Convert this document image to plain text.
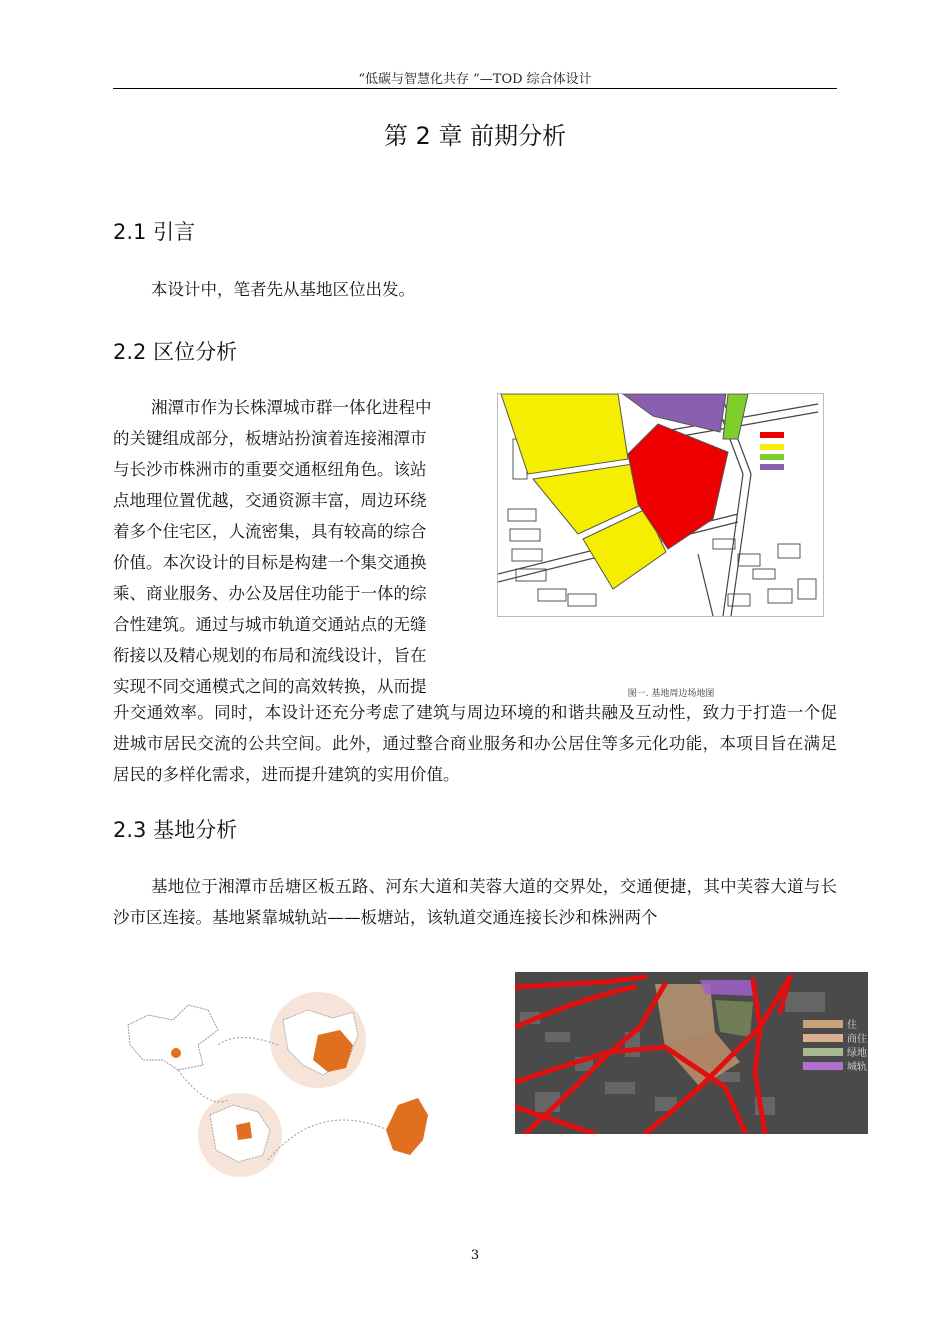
“低碳与智慧化共存 ”—TOD 综合体设计
第 2 章 前期分析
2.1 引言

本设计中，笔者先从基地区位出发。

2.2 区位分析
湘潭市作为长株潭城市群一体化进程中
的关键组成部分，板塘站扮演着连接湘潭市
与长沙市株洲市的重要交通枢纽角色。该站
点地理位置优越，交通资源丰富，周边环绕
着多个住宅区，人流密集，具有较高的综合
价值。本次设计的目标是构建一个集交通换
乘、商业服务、办公及居住功能于一体的综
合性建筑。通过与城市轨道交通站点的无缝
衔接以及精心规划的布局和流线设计，旨在
实现不同交通模式之间的高效转换，从而提	图一. 基地周边场地图

升交通效率。同时，本设计还充分考虑了建筑与周边环境的和谐共融及互动性，致力于打造一个促进城市居民交流的公共空间。此外，通过整合商业服务和办公居住等多元化功能，本项目旨在满足居民的多样化需求，进而提升建筑的实用价值。

2.3 基地分析

基地位于湘潭市岳塘区板五路、河东大道和芙蓉大道的交界处，交通便捷，其中芙蓉大道与长沙市区连接。基地紧靠城轨站——板塘站，该轨道交通连接长沙和株洲两个

住
商住
绿地
城轨
3
